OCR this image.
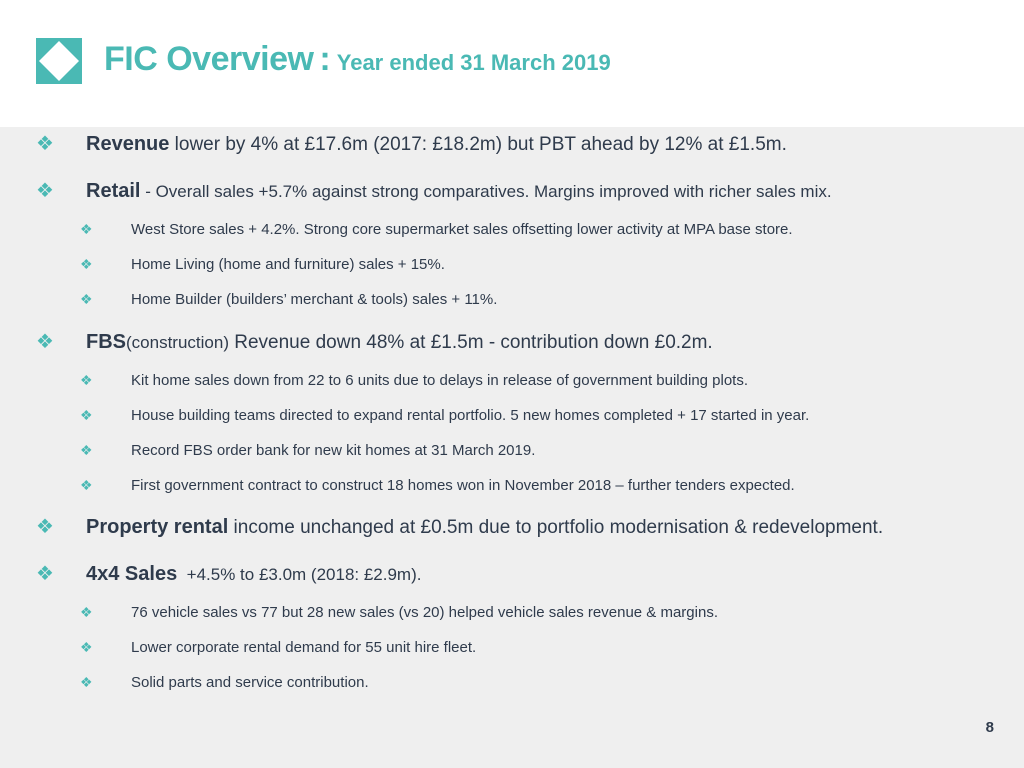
FIC Overview : Year ended 31 March 2019
❖ Revenue lower by 4% at £17.6m (2017: £18.2m) but PBT ahead by 12% at £1.5m.
❖ Retail - Overall sales +5.7% against strong comparatives. Margins improved with richer sales mix.
❖	West Store sales + 4.2%. Strong core supermarket sales offsetting lower activity at MPA base store.
❖	Home Living (home and furniture) sales + 15%.
❖	Home Builder (builders’ merchant & tools) sales + 11%.
❖ FBS(construction) Revenue down 48% at £1.5m - contribution down £0.2m.
❖	Kit home sales down from 22 to 6 units due to delays in release of government building plots.
❖	House building teams directed to expand rental portfolio. 5 new homes completed + 17 started in year.
❖	Record FBS order bank for new kit homes at 31 March 2019.
❖	First government contract to construct 18 homes won in November 2018 – further tenders expected.
❖ Property rental income unchanged at £0.5m due to portfolio modernisation & redevelopment.
❖ 4x4 Sales  +4.5% to £3.0m (2018: £2.9m).
❖	76 vehicle sales vs 77 but 28 new sales (vs 20) helped vehicle sales revenue & margins.
❖	Lower corporate rental demand for 55 unit hire fleet.
❖	Solid parts and service contribution.
8
